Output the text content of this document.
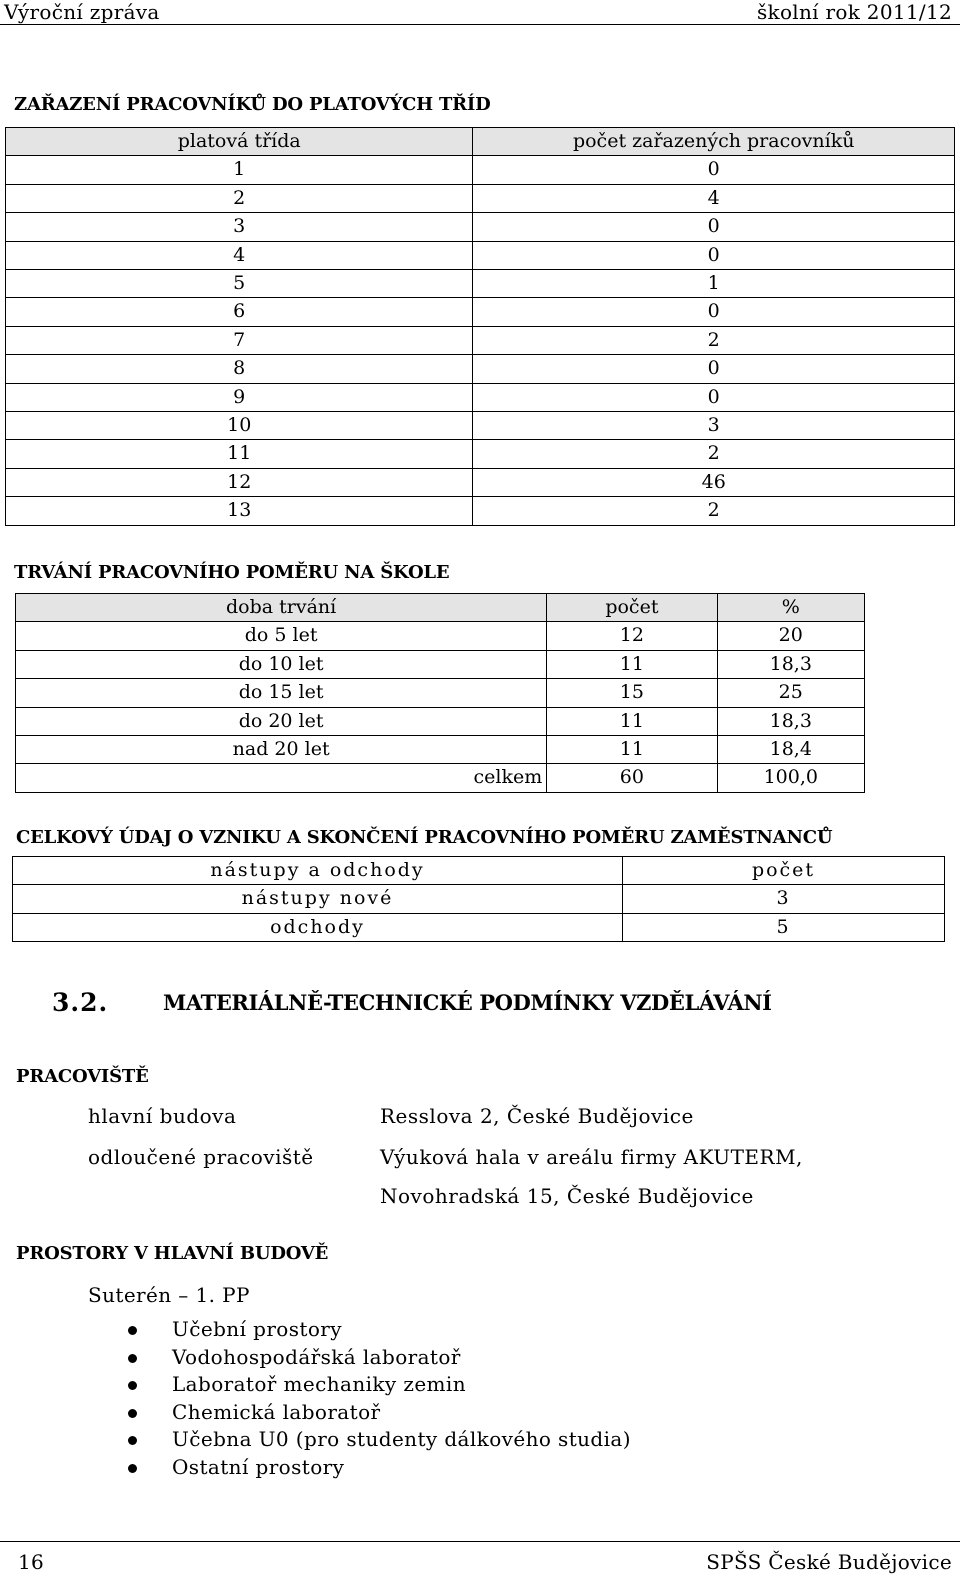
Výroční zpráva	školní rok 2011/12
ZAŘAZENÍ PRACOVNÍKŮ DO PLATOVÝCH TŘÍD
platová třída	počet zařazených pracovníků
1	0
2	4
3	0
4	0
5	1
6	0
7	2
8	0
9	0
10	3
11	2
12	46
13	2
TRVÁNÍ PRACOVNÍHO POMĚRU NA ŠKOLE
doba trvání	počet	%
do 5 let	12	20
do 10 let	11	18,3
do 15 let	15	25
do 20 let	11	18,3
nad 20 let	11	18,4
celkem	60	100,0
CELKOVÝ ÚDAJ O VZNIKU A SKONČENÍ PRACOVNÍHO POMĚRU ZAMĚSTNANCŮ
nástupy a odchody	počet
nástupy nové	3
odchody	5
3.2.	MATERIÁLNĚ-TECHNICKÉ PODMÍNKY VZDĚLÁVÁNÍ
PRACOVIŠTĚ
hlavní budova	Resslova 2, České Budějovice
odloučené pracoviště	Výuková hala v areálu firmy AKUTERM,
Novohradská 15, České Budějovice
PROSTORY V HLAVNÍ BUDOVĚ
Suterén – 1. PP
Učební prostory
Vodohospodářská laboratoř
Laboratoř mechaniky zemin
Chemická laboratoř
Učebna U0 (pro studenty dálkového studia)
Ostatní prostory
16	SPŠS České Budějovice
